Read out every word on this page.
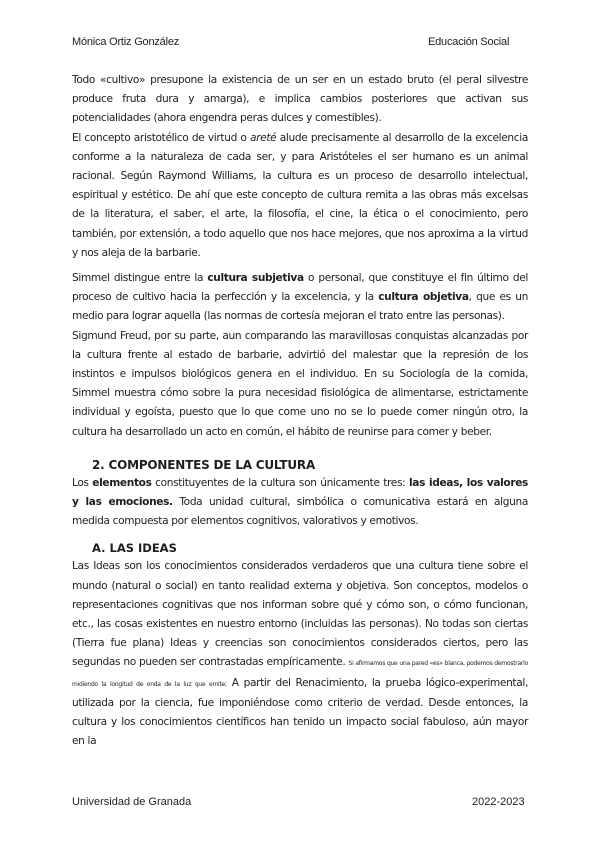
Mónica Ortiz González	Educación Social

Todo «cultivo» presupone la existencia de un ser en un estado bruto (el peral silvestre produce fruta dura y amarga), e implica cambios posteriores que activan sus potencialidades (ahora engendra peras dulces y comestibles).

El concepto aristotélico de virtud o areté alude precisamente al desarrollo de la excelencia conforme a la naturaleza de cada ser, y para Aristóteles el ser humano es un animal racional. Según Raymond Williams, la cultura es un proceso de desarrollo intelectual, espiritual y estético. De ahí que este concepto de cultura remita a las obras más excelsas de la literatura, el saber, el arte, la filosofía, el cine, la ética o el conocimiento, pero también, por extensión, a todo aquello que nos hace mejores, que nos aproxima a la virtud y nos aleja de la barbarie.

Simmel distingue entre la cultura subjetiva o personal, que constituye el fin último del proceso de cultivo hacia la perfección y la excelencia, y la cultura objetiva, que es un medio para lograr aquella (las normas de cortesía mejoran el trato entre las personas).

Sigmund Freud, por su parte, aun comparando las maravillosas conquistas alcanzadas por la cultura frente al estado de barbarie, advirtió del malestar que la represión de los instintos e impulsos biológicos genera en el individuo. En su Sociología de la comida, Simmel muestra cómo sobre la pura necesidad fisiológica de alimentarse, estrictamente individual y egoísta, puesto que lo que come uno no se lo puede comer ningún otro, la cultura ha desarrollado un acto en común, el hábito de reunirse para comer y beber.

2. COMPONENTES DE LA CULTURA

Los elementos constituyentes de la cultura son únicamente tres: las ideas, los valores y las emociones. Toda unidad cultural, simbólica o comunicativa estará en alguna medida compuesta por elementos cognitivos, valorativos y emotivos.

A. LAS IDEAS

Las Ideas son los conocimientos considerados verdaderos que una cultura tiene sobre el mundo (natural o social) en tanto realidad externa y objetiva. Son conceptos, modelos o representaciones cognitivas que nos informan sobre qué y cómo son, o cómo funcionan, etc., las cosas existentes en nuestro entorno (incluidas las personas). No todas son ciertas (Tierra fue plana) Ideas y creencias son conocimientos considerados ciertos, pero las segundas no pueden ser contrastadas empíricamente. Si afirmamos que una pared «es» blanca, podemos demostrarlo midiendo la longitud de onda de la luz que emite; A partir del Renacimiento, la prueba lógico-experimental, utilizada por la ciencia, fue imponiéndose como criterio de verdad. Desde entonces, la cultura y los conocimientos científicos han tenido un impacto social fabuloso, aún mayor en la

Universidad de Granada	2022-2023
